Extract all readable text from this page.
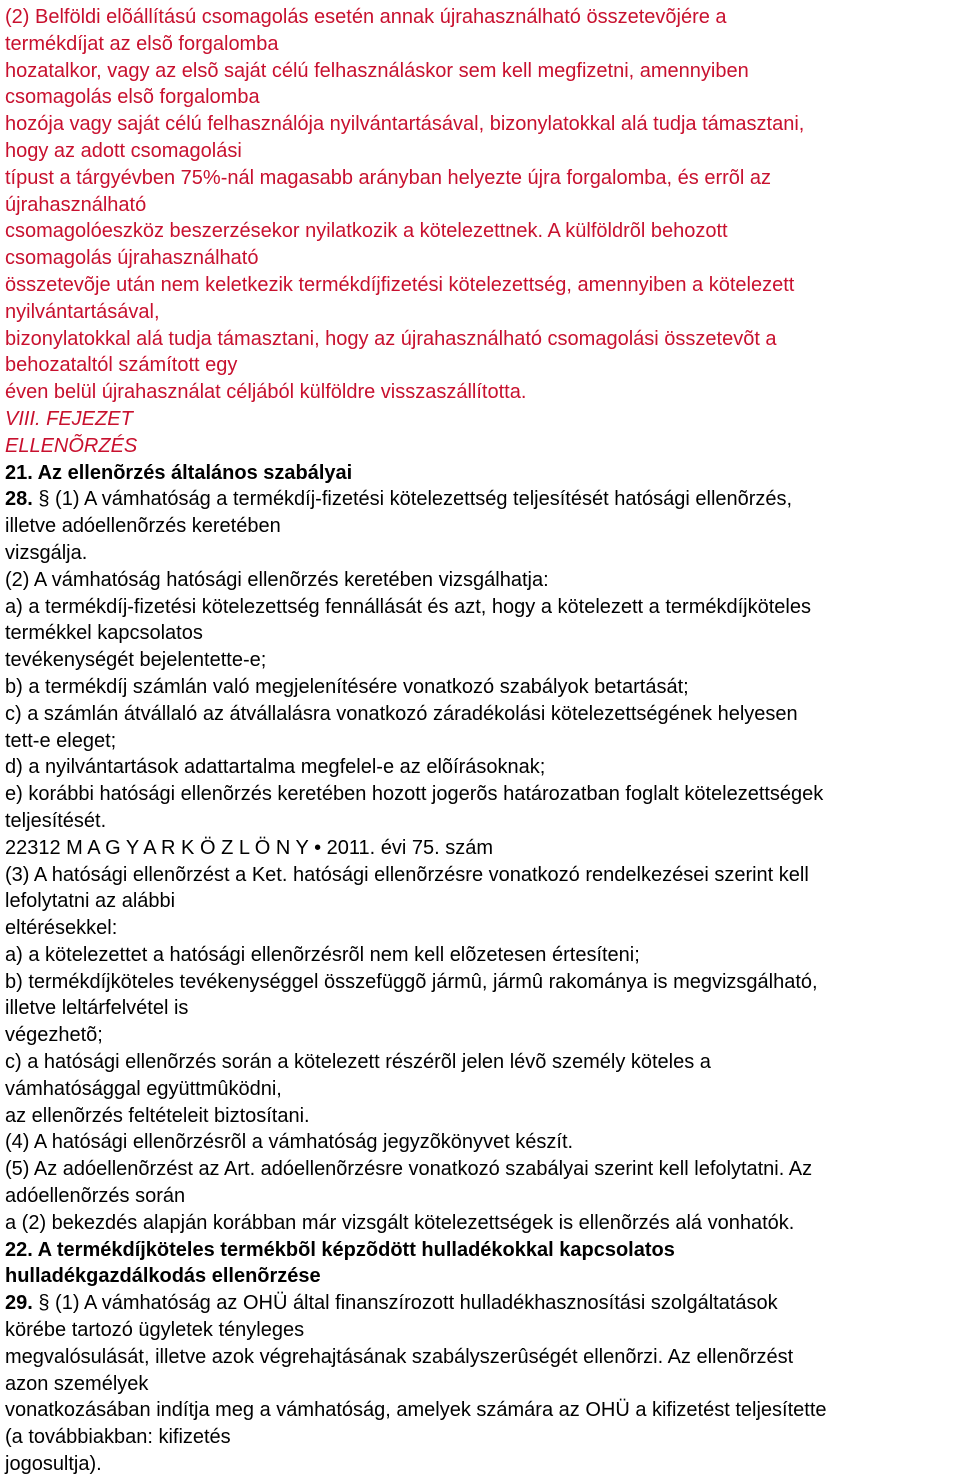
(2) Belföldi elõállítású csomagolás esetén annak újrahasználható összetevõjére a
termékdíjat az elsõ forgalomba
hozatalkor, vagy az elsõ saját célú felhasználáskor sem kell megfizetni, amennyiben
csomagolás elsõ forgalomba
hozója vagy saját célú felhasználója nyilvántartásával, bizonylatokkal alá tudja támasztani,
hogy az adott csomagolási
típust a tárgyévben 75%-nál magasabb arányban helyezte újra forgalomba, és errõl az
újrahasználható
csomagolóeszköz beszerzésekor nyilatkozik a kötelezettnek. A külföldrõl behozott
csomagolás újrahasználható
összetevõje után nem keletkezik termékdíjfizetési kötelezettség, amennyiben a kötelezett
nyilvántartásával,
bizonylatokkal alá tudja támasztani, hogy az újrahasználható csomagolási összetevõt a
behozataltól számított egy
éven belül újrahasználat céljából külföldre visszaszállította.
VIII. FEJEZET
ELLENÕRZÉS
21. Az ellenõrzés általános szabályai
28. § (1) A vámhatóság a termékdíj-fizetési kötelezettség teljesítését hatósági ellenõrzés,
illetve adóellenõrzés keretében
vizsgálja.
(2) A vámhatóság hatósági ellenõrzés keretében vizsgálhatja:
a) a termékdíj-fizetési kötelezettség fennállását és azt, hogy a kötelezett a termékdíjköteles
termékkel kapcsolatos
tevékenységét bejelentette-e;
b) a termékdíj számlán való megjelenítésére vonatkozó szabályok betartását;
c) a számlán átvállaló az átvállalásra vonatkozó záradékolási kötelezettségének helyesen
tett-e eleget;
d) a nyilvántartások adattartalma megfelel-e az elõírásoknak;
e) korábbi hatósági ellenõrzés keretében hozott jogerõs határozatban foglalt kötelezettségek
teljesítését.
22312 M A G Y A R K Ö Z L Ö N Y • 2011. évi 75. szám
(3) A hatósági ellenõrzést a Ket. hatósági ellenõrzésre vonatkozó rendelkezései szerint kell
lefolytatni az alábbi
eltérésekkel:
a) a kötelezettet a hatósági ellenõrzésrõl nem kell elõzetesen értesíteni;
b) termékdíjköteles tevékenységgel összefüggõ jármû, jármû rakománya is megvizsgálható,
illetve leltárfelvétel is
végezhetõ;
c) a hatósági ellenõrzés során a kötelezett részérõl jelen lévõ személy köteles a
vámhatósággal együttmûködni,
az ellenõrzés feltételeit biztosítani.
(4) A hatósági ellenõrzésrõl a vámhatóság jegyzõkönyvet készít.
(5) Az adóellenõrzést az Art. adóellenõrzésre vonatkozó szabályai szerint kell lefolytatni. Az
adóellenõrzés során
a (2) bekezdés alapján korábban már vizsgált kötelezettségek is ellenõrzés alá vonhatók.
22. A termékdíjköteles termékbõl képzõdött hulladékokkal kapcsolatos
hulladékgazdálkodás ellenõrzése
29. § (1) A vámhatóság az OHÜ által finanszírozott hulladékhasznosítási szolgáltatások
körébe tartozó ügyletek tényleges
megvalósulását, illetve azok végrehajtásának szabályszerûségét ellenõrzi. Az ellenõrzést
azon személyek
vonatkozásában indítja meg a vámhatóság, amelyek számára az OHÜ a kifizetést teljesítette
(a továbbiakban: kifizetés
jogosultja).
